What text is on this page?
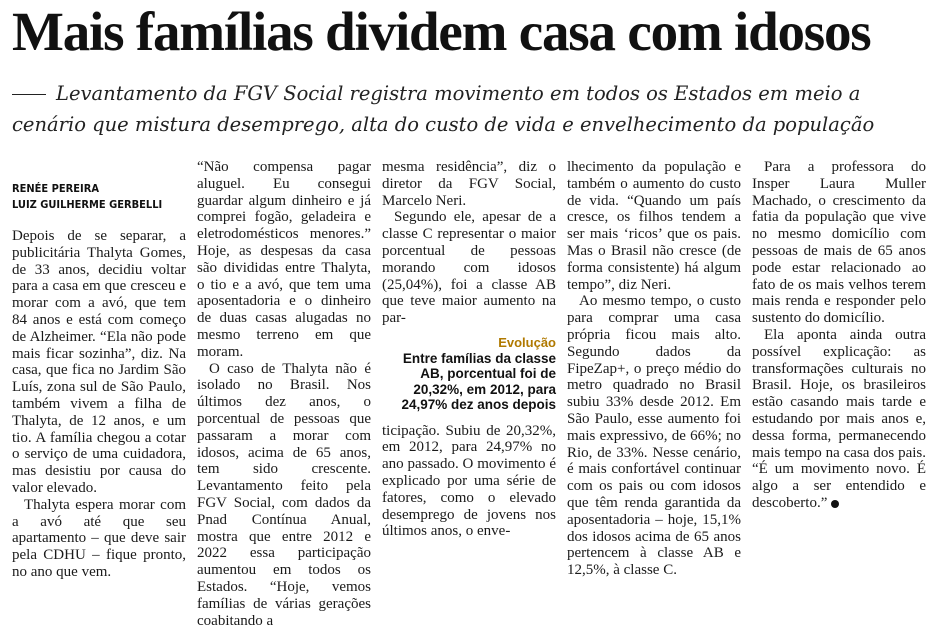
Mais famílias dividem casa com idosos
Levantamento da FGV Social registra movimento em todos os Estados em meio a cenário que mistura desemprego, alta do custo de vida e envelhecimento da população
RENÉE PEREIRA
LUIZ GUILHERME GERBELLI

Depois de se separar, a publicitária Thalyta Gomes, de 33 anos, decidiu voltar para a casa em que cresceu e morar com a avó, que tem 84 anos e está com começo de Alzheimer. “Ela não pode mais ficar sozinha”, diz. Na casa, que fica no Jardim São Luís, zona sul de São Paulo, também vivem a filha de Thalyta, de 12 anos, e um tio. A família chegou a cotar o serviço de uma cuidadora, mas desistiu por causa do valor elevado.

Thalyta espera morar com a avó até que seu apartamento – que deve sair pela CDHU – fique pronto, no ano que vem.

“Não compensa pagar aluguel. Eu consegui guardar algum dinheiro e já comprei fogão, geladeira e eletrodomésticos menores.” Hoje, as despesas da casa são divididas entre Thalyta, o tio e a avó, que tem uma aposentadoria e o dinheiro de duas casas alugadas no mesmo terreno em que moram.

O caso de Thalyta não é isolado no Brasil. Nos últimos dez anos, o porcentual de pessoas que passaram a morar com idosos, acima de 65 anos, tem sido crescente. Levantamento feito pela FGV Social, com dados da Pnad Contínua Anual, mostra que entre 2012 e 2022 essa participação aumentou em todos os Estados. “Hoje, vemos famílias de várias gerações coabitando a

mesma residência”, diz o diretor da FGV Social, Marcelo Neri.

Segundo ele, apesar de a classe C representar o maior porcentual de pessoas morando com idosos (25,04%), foi a classe AB que teve maior aumento na par-

Evolução
Entre famílias da classe AB, porcentual foi de 20,32%, em 2012, para 24,97% dez anos depois

ticipação. Subiu de 20,32%, em 2012, para 24,97% no ano passado. O movimento é explicado por uma série de fatores, como o elevado desemprego de jovens nos últimos anos, o enve-

lhecimento da população e também o aumento do custo de vida. “Quando um país cresce, os filhos tendem a ser mais ‘ricos’ que os pais. Mas o Brasil não cresce (de forma consistente) há algum tempo”, diz Neri.

Ao mesmo tempo, o custo para comprar uma casa própria ficou mais alto. Segundo dados da FipeZap+, o preço médio do metro quadrado no Brasil subiu 33% desde 2012. Em São Paulo, esse aumento foi mais expressivo, de 66%; no Rio, de 33%. Nesse cenário, é mais confortável continuar com os pais ou com idosos que têm renda garantida da aposentadoria – hoje, 15,1% dos idosos acima de 65 anos pertencem à classe AB e 12,5%, à classe C.

Para a professora do Insper Laura Muller Machado, o crescimento da fatia da população que vive no mesmo domicílio com pessoas de mais de 65 anos pode estar relacionado ao fato de os mais velhos terem mais renda e responder pelo sustento do domicílio.

Ela aponta ainda outra possível explicação: as transformações culturais no Brasil. Hoje, os brasileiros estão casando mais tarde e estudando por mais anos e, dessa forma, permanecendo mais tempo na casa dos pais. “É um movimento novo. É algo a ser entendido e descoberto.”
